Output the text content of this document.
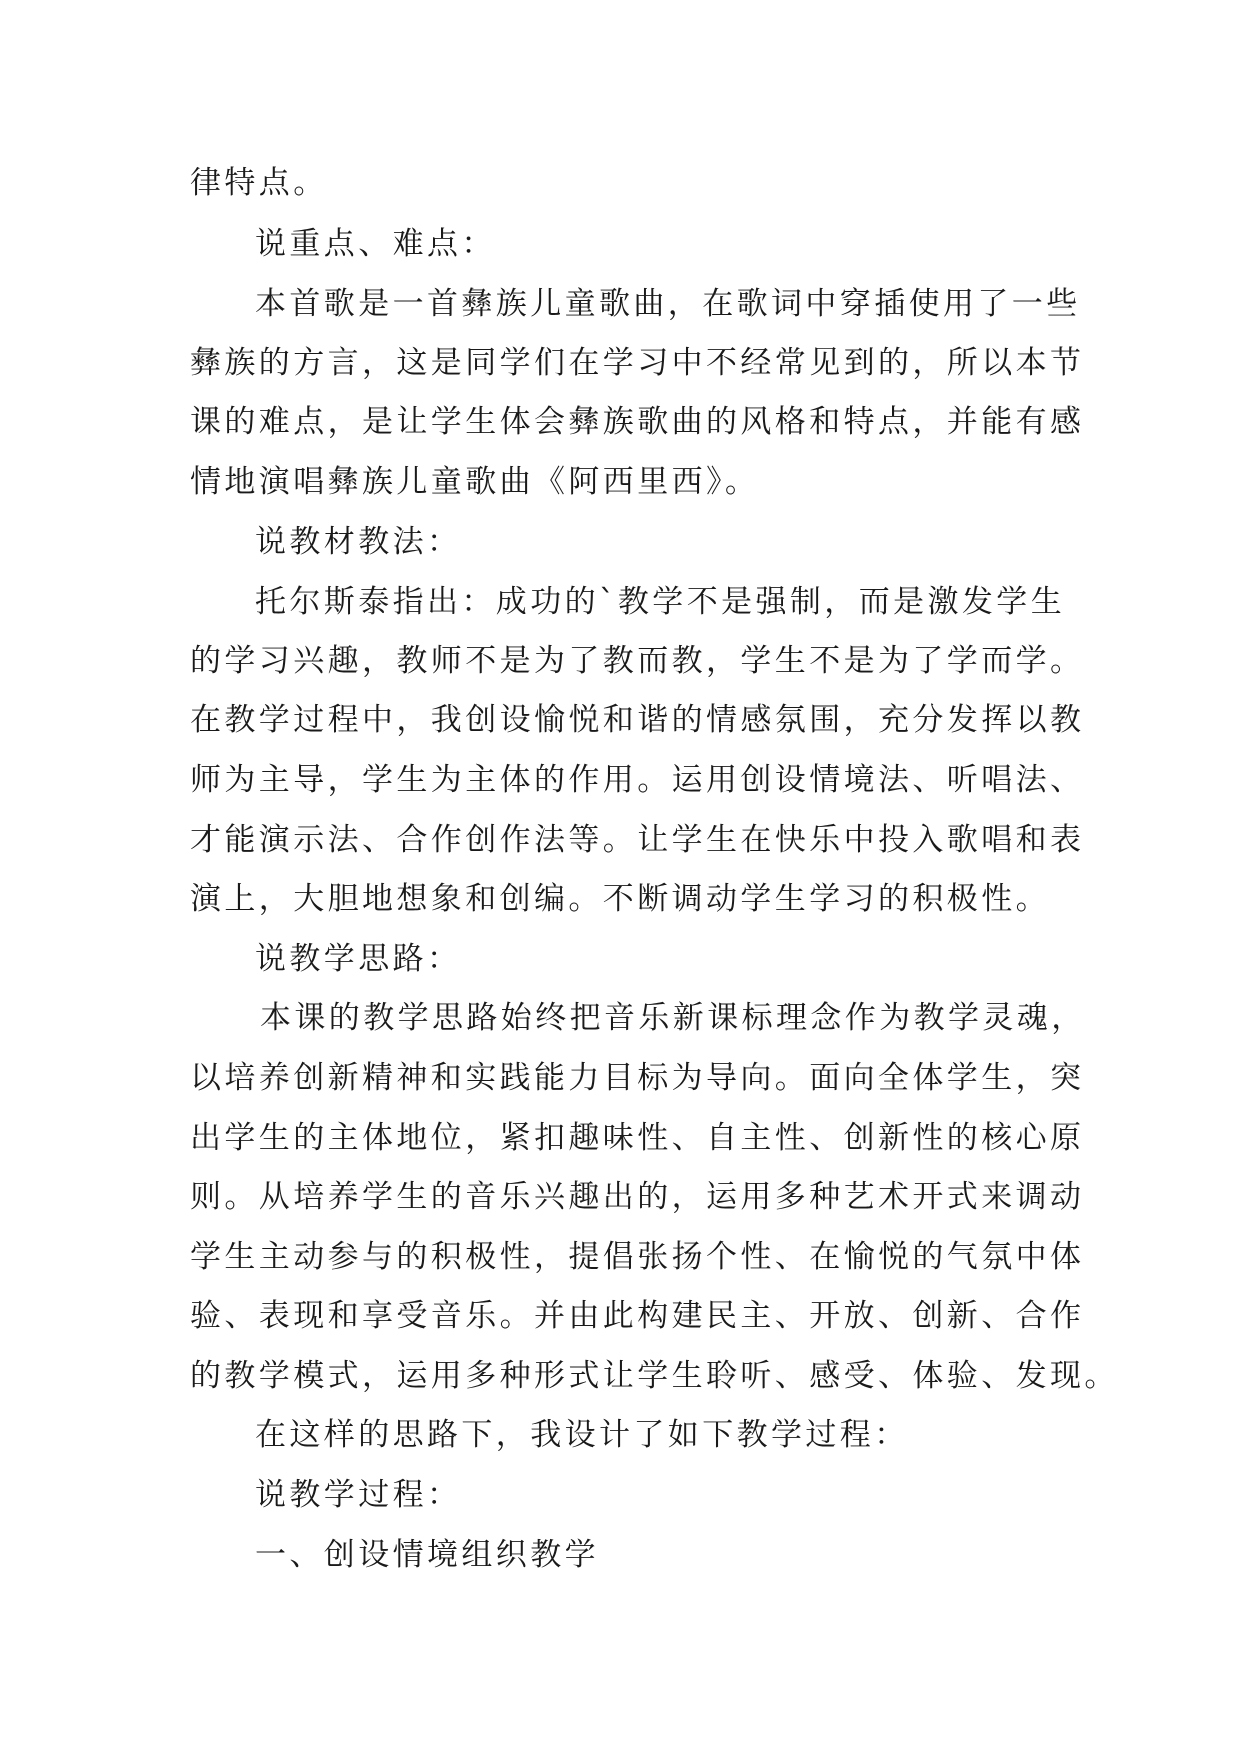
律特点。
说重点、难点：
本首歌是一首彝族儿童歌曲，在歌词中穿插使用了一些
彝族的方言，这是同学们在学习中不经常见到的，所以本节
课的难点，是让学生体会彝族歌曲的风格和特点，并能有感
情地演唱彝族儿童歌曲《阿西里西》。
说教材教法：
托尔斯泰指出：成功的`教学不是强制，而是激发学生
的学习兴趣，教师不是为了教而教，学生不是为了学而学。
在教学过程中，我创设愉悦和谐的情感氛围，充分发挥以教
师为主导，学生为主体的作用。运用创设情境法、听唱法、
才能演示法、合作创作法等。让学生在快乐中投入歌唱和表
演上，大胆地想象和创编。不断调动学生学习的积极性。
说教学思路：
本课的教学思路始终把音乐新课标理念作为教学灵魂，
以培养创新精神和实践能力目标为导向。面向全体学生，突
出学生的主体地位，紧扣趣味性、自主性、创新性的核心原
则。从培养学生的音乐兴趣出的，运用多种艺术开式来调动
学生主动参与的积极性，提倡张扬个性、在愉悦的气氛中体
验、表现和享受音乐。并由此构建民主、开放、创新、合作
的教学模式，运用多种形式让学生聆听、感受、体验、发现。
在这样的思路下，我设计了如下教学过程：
说教学过程：
一、创设情境组织教学
